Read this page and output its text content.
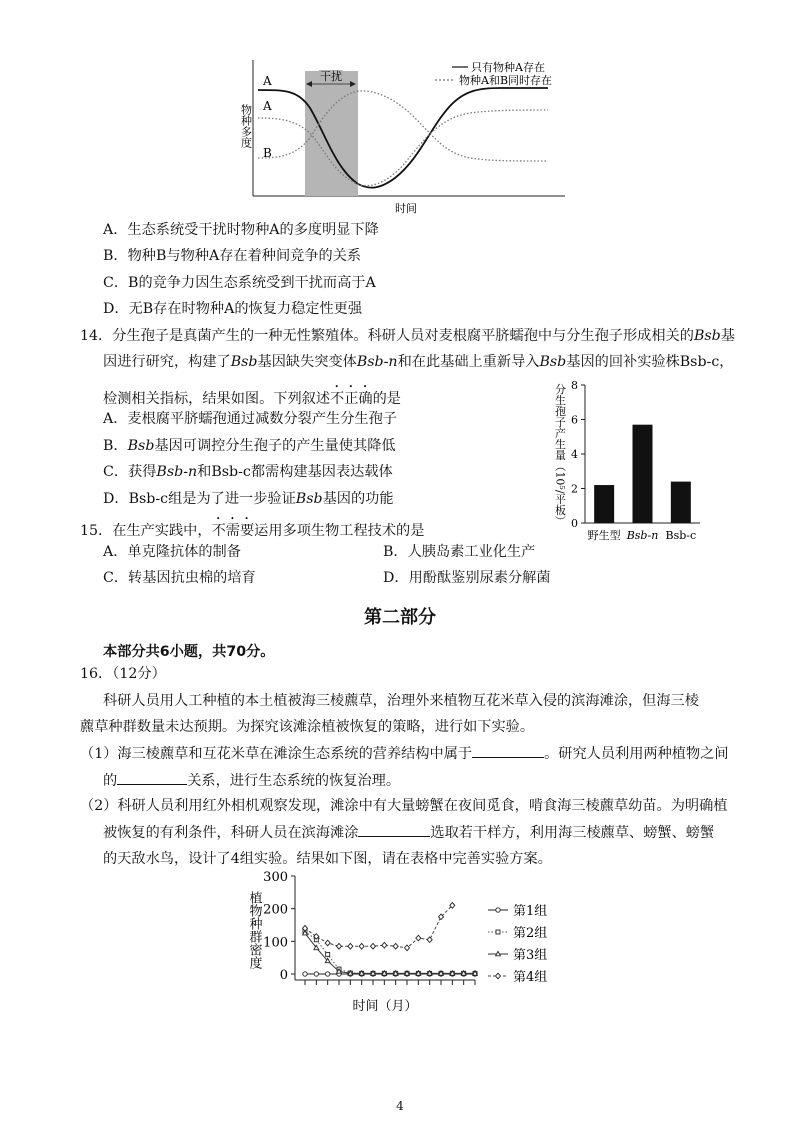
干扰
A
A
B
物种多度
只有物种A存在
物种A和B同时存在
时间
A．生态系统受干扰时物种A的多度明显下降
B．物种B与物种A存在着种间竞争的关系
C．B的竞争力因生态系统受到干扰而高于A
D．无B存在时物种A的恢复力稳定性更强
14．分生孢子是真菌产生的一种无性繁殖体。科研人员对麦根腐平脐蠕孢中与分生孢子形成相关的Bsb基
因进行研究，构建了Bsb基因缺失突变体Bsb-n和在此基础上重新导入Bsb基因的回补实验株Bsb-c，
检测相关指标，结果如图。下列叙述不正确的是
A．麦根腐平脐蠕孢通过减数分裂产生分生孢子
B．Bsb基因可调控分生孢子的产生量使其降低
C．获得Bsb-n和Bsb-c都需构建基因表达载体
D．Bsb-c组是为了进一步验证Bsb基因的功能
0
2
4
6
8
野生型 Bsb-n Bsb-c
分生孢子产生量（10⁵/平板）
15．在生产实践中，不需要运用多项生物工程技术的是
A．单克隆抗体的制备	B．人胰岛素工业化生产
C．转基因抗虫棉的培育	D．用酚酞鉴别尿素分解菌
第二部分
本部分共6小题，共70分。
16．（12分）
科研人员用人工种植的本土植被海三棱藨草，治理外来植物互花米草入侵的滨海滩涂，但海三棱
藨草种群数量未达预期。为探究该滩涂植被恢复的策略，进行如下实验。
（1）海三棱藨草和互花米草在滩涂生态系统的营养结构中属于	。研究人员利用两种植物之间
的	关系，进行生态系统的恢复治理。
（2）科研人员利用红外相机观察发现，滩涂中有大量螃蟹在夜间觅食，啃食海三棱藨草幼苗。为明确植
被恢复的有利条件，科研人员在滨海滩涂	选取若干样方，利用海三棱藨草、螃蟹、螃蟹
的天敌水鸟，设计了4组实验。结果如下图，请在表格中完善实验方案。
0
100
200
300
第1组
第2组
第3组
第4组
植物种群密度
时间（月）
4
